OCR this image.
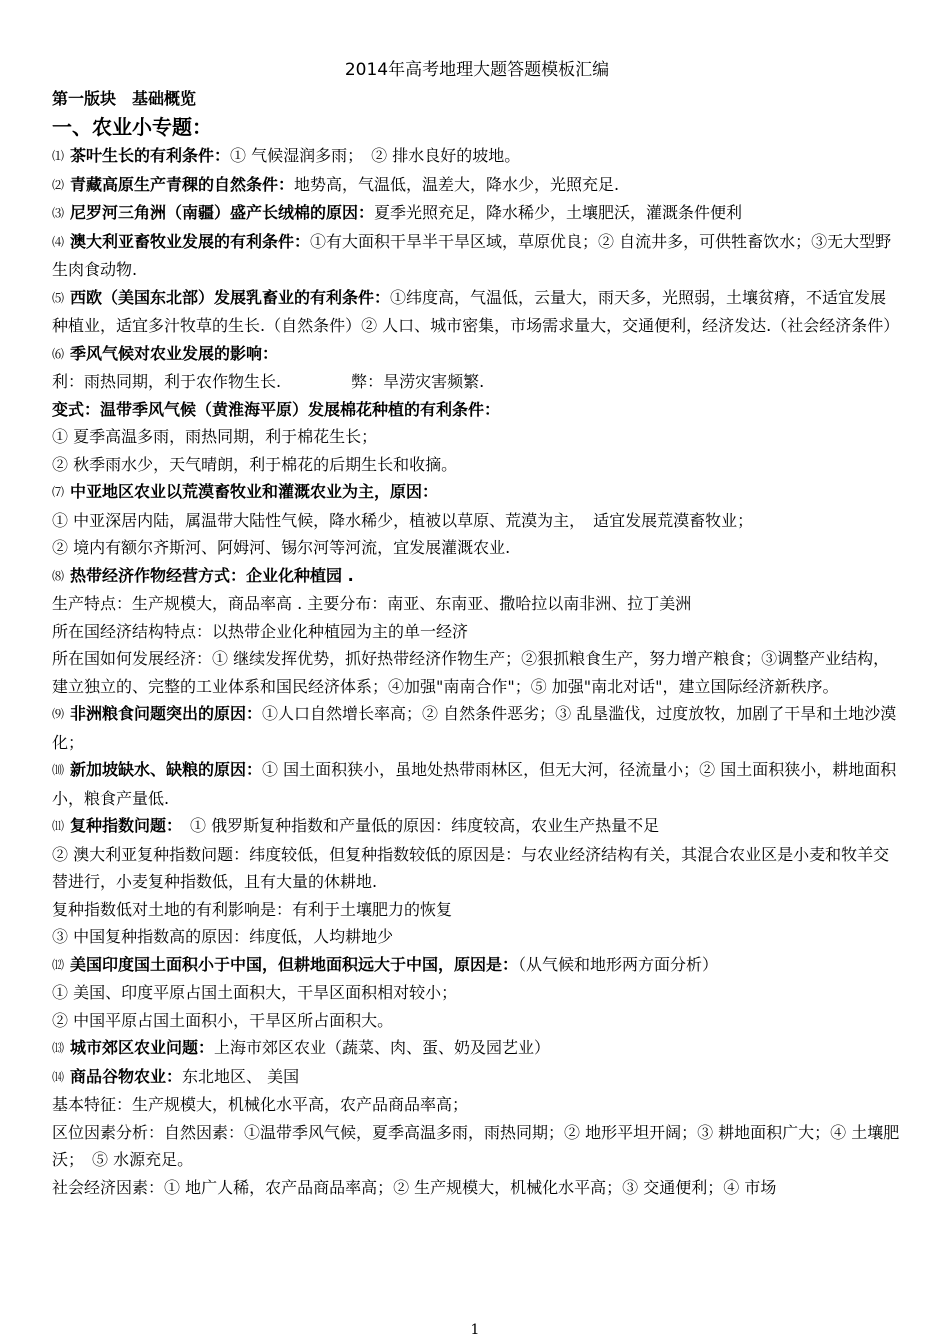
2014年高考地理大题答题模板汇编
第一版块　基础概览
一、农业小专题：

⑴ 茶叶生长的有利条件：① 气候湿润多雨；　② 排水良好的坡地。

⑵ 青藏高原生产青稞的自然条件：地势高，气温低，温差大，降水少，光照充足.

⑶ 尼罗河三角洲（南疆）盛产长绒棉的原因：夏季光照充足，降水稀少，土壤肥沃，灌溉条件便利

⑷ 澳大利亚畜牧业发展的有利条件：①有大面积干旱半干旱区域，草原优良；② 自流井多，可供牲畜饮水；③无大型野生肉食动物.

⑸ 西欧（美国东北部）发展乳畜业的有利条件：①纬度高，气温低，云量大，雨天多，光照弱，土壤贫瘠，不适宜发展种植业，适宜多汁牧草的生长.（自然条件）② 人口、城市密集，市场需求量大，交通便利，经济发达.（社会经济条件）

⑹ 季风气候对农业发展的影响：

利：雨热同期，利于农作物生长.	弊：旱涝灾害频繁.

变式：温带季风气候（黄淮海平原）发展棉花种植的有利条件：

① 夏季高温多雨，雨热同期，利于棉花生长；

② 秋季雨水少，天气晴朗，利于棉花的后期生长和收摘。

⑺ 中亚地区农业以荒漠畜牧业和灌溉农业为主，原因：

① 中亚深居内陆，属温带大陆性气候，降水稀少，植被以草原、荒漠为主，　适宜发展荒漠畜牧业；

② 境内有额尔齐斯河、阿姆河、锡尔河等河流，宜发展灌溉农业.

⑻ 热带经济作物经营方式：企业化种植园 .

生产特点：生产规模大，商品率高 . 主要分布：南亚、东南亚、撒哈拉以南非洲、拉丁美洲

所在国经济结构特点：以热带企业化种植园为主的单一经济

所在国如何发展经济：① 继续发挥优势，抓好热带经济作物生产；②狠抓粮食生产，努力增产粮食；③调整产业结构，建立独立的、完整的工业体系和国民经济体系；④加强"南南合作"；⑤ 加强"南北对话"，建立国际经济新秩序。

⑼ 非洲粮食问题突出的原因：①人口自然增长率高；② 自然条件恶劣；③ 乱垦滥伐，过度放牧，加剧了干旱和土地沙漠化；

⑽ 新加坡缺水、缺粮的原因：① 国土面积狭小，虽地处热带雨林区，但无大河，径流量小；② 国土面积狭小，耕地面积小，粮食产量低.

⑾ 复种指数问题：　① 俄罗斯复种指数和产量低的原因：纬度较高，农业生产热量不足

② 澳大利亚复种指数问题：纬度较低，但复种指数较低的原因是：与农业经济结构有关，其混合农业区是小麦和牧羊交替进行，小麦复种指数低，且有大量的休耕地.

复种指数低对土地的有利影响是：有利于土壤肥力的恢复

③ 中国复种指数高的原因：纬度低，人均耕地少

⑿ 美国印度国土面积小于中国，但耕地面积远大于中国，原因是：（从气候和地形两方面分析）

① 美国、印度平原占国土面积大，干旱区面积相对较小；

② 中国平原占国土面积小，干旱区所占面积大。

⒀ 城市郊区农业问题：上海市郊区农业（蔬菜、肉、蛋、奶及园艺业）

⒁ 商品谷物农业：东北地区、 美国

基本特征：生产规模大，机械化水平高，农产品商品率高；

区位因素分析：自然因素：①温带季风气候，夏季高温多雨，雨热同期；② 地形平坦开阔；③ 耕地面积广大；④ 土壤肥沃；　⑤ 水源充足。

社会经济因素：① 地广人稀，农产品商品率高；② 生产规模大，机械化水平高；③ 交通便利；④ 市场

1
